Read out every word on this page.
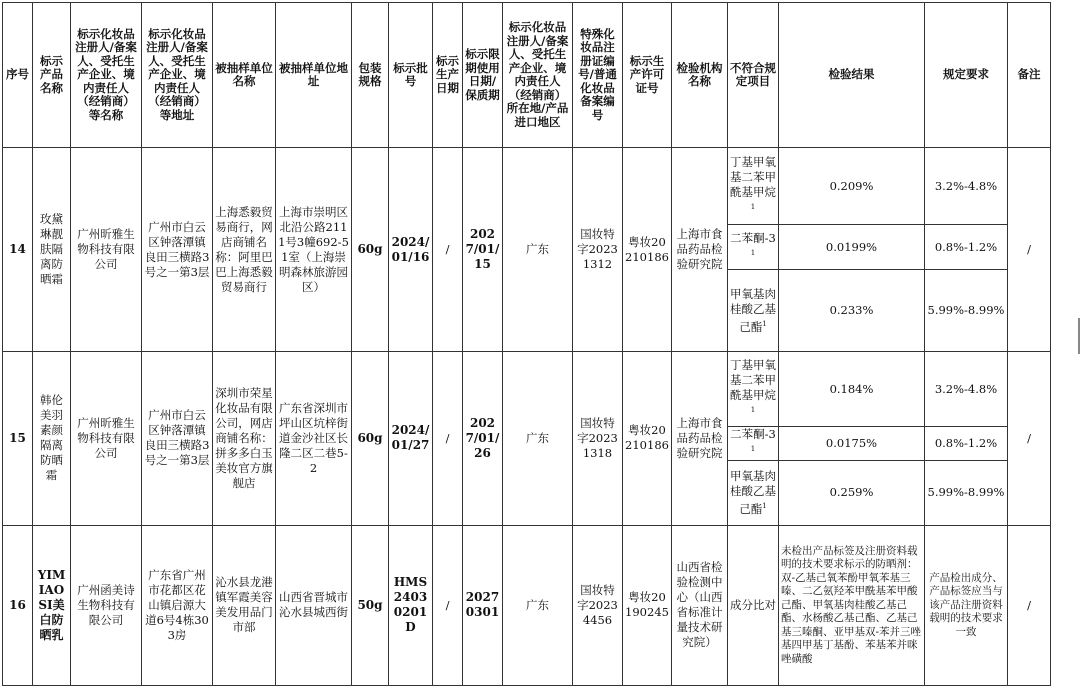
序号	标示产品名称	标示化妆品注册人/备案人、受托生产企业、境内责任人（经销商）等名称	标示化妆品注册人/备案人、受托生产企业、境内责任人（经销商）等地址	被抽样单位名称	被抽样单位地址	包装规格	标示批号	标示生产日期	标示限期使用日期/保质期	标示化妆品注册人/备案人、受托生产企业、境内责任人（经销商）所在地/产品进口地区	特殊化妆品注册证编号/普通化妆品备案编号	标示生产许可证号	检验机构名称	不符合规定项目	检验结果	规定要求	备注
14	玫黛琳靓肤隔离防晒霜	广州昕雅生物科技有限公司	广州市白云区钟落潭镇良田三横路3号之一第3层	上海悉毅贸易商行，网店商铺名称：阿里巴巴上海悉毅贸易商行	上海市崇明区北沿公路2111号3幢692-51室（上海崇明森林旅游园区）	60g	2024/01/16	/	2027/01/15	广东	国妆特字20231312	粤妆20210186	上海市食品药品检验研究院	丁基甲氧基二苯甲酰基甲烷$^1$	0.209%	3.2%-4.8%	/
														二苯酮$-3^1$	0.0199%	0.8%-1.2%	
														甲氧基肉桂酸乙基己酯$^1$	0.233%	5.99%-8.99%	
15	韩伦美羽素颜隔离防晒霜	广州昕雅生物科技有限公司	广州市白云区钟落潭镇良田三横路3号之一第3层	深圳市荣星化妆品有限公司，网店商铺名称：拼多多白玉美妆官方旗舰店	广东省深圳市坪山区坑梓街道金沙社区长隆二区二巷5-2	60g	2024/01/27	/	2027/01/26	广东	国妆特字20231318	粤妆20210186	上海市食品药品检验研究院	丁基甲氧基二苯甲酰基甲烷$^1$	0.184%	3.2%-4.8%	/
														二苯酮$-3^1$	0.0175%	0.8%-1.2%	
														甲氧基肉桂酸乙基己酯$^1$	0.259%	5.99%-8.99%	
16	YIMIAOSI美白防晒乳	广州函美诗生物科技有限公司	广东省广州市花都区花山镇启源大道6号4栋303房	沁水县龙港镇军霞美容美发用品门市部	山西省晋城市沁水县城西街	50g	HMS24030201D	/	20270301	广东	国妆特字20234456	粤妆20190245	山西省检验检测中心（山西省标准计量技术研究院）	成分比对	未检出产品标签及注册资料载明的技术要求标示的防晒剂：双-乙基己氧苯酚甲氧苯基三嗪、二乙氨羟苯甲酰基苯甲酸己酯、甲氧基肉桂酸乙基己酯、水杨酸乙基己酯、乙基己基三嗪酮、亚甲基双-苯并三唑基四甲基丁基酚、苯基苯并咪唑磺酸	产品检出成分、产品标签应当与该产品注册资料载明的技术要求一致	/
